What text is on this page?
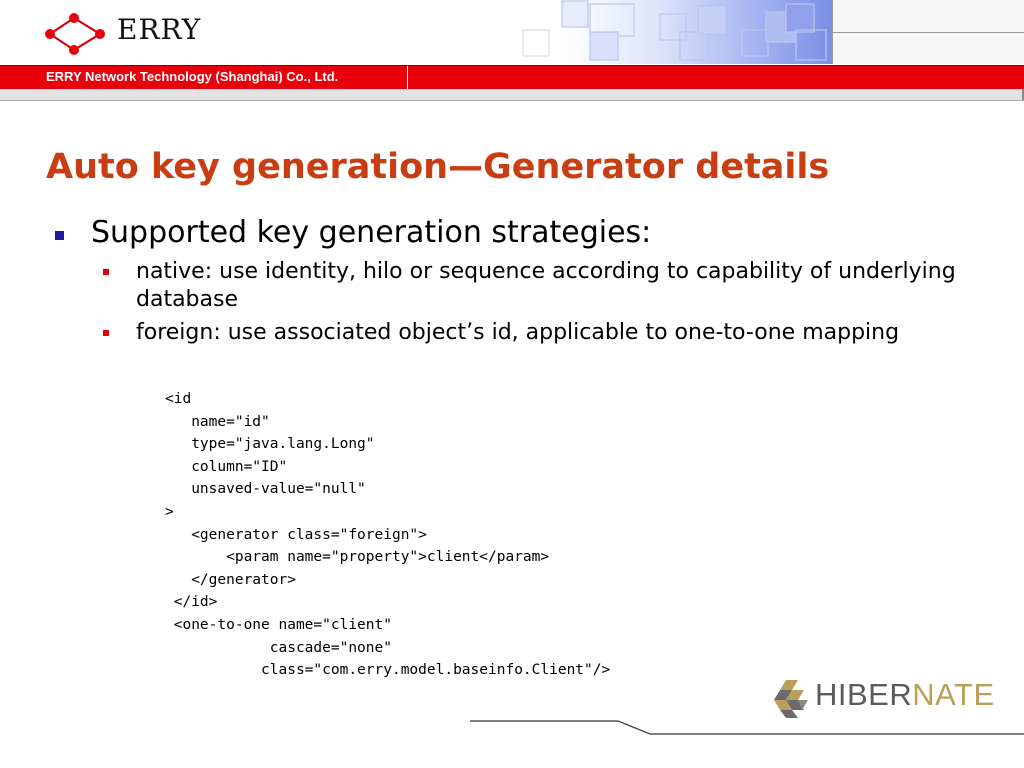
ERRY
ERRY Network Technology (Shanghai) Co., Ltd.
Auto key generation—Generator details
Supported key generation strategies:
native: use identity, hilo or sequence according to capability of underlying database
foreign: use associated object’s id, applicable to one-to-one mapping
<id
name="id"
type="java.lang.Long"
column="ID"
unsaved-value="null"
>
<generator class="foreign">
<param name="property">client</param>
</generator>
</id>
<one-to-one name="client"
cascade="none"
class="com.erry.model.baseinfo.Client"/>
HIBERNATE
